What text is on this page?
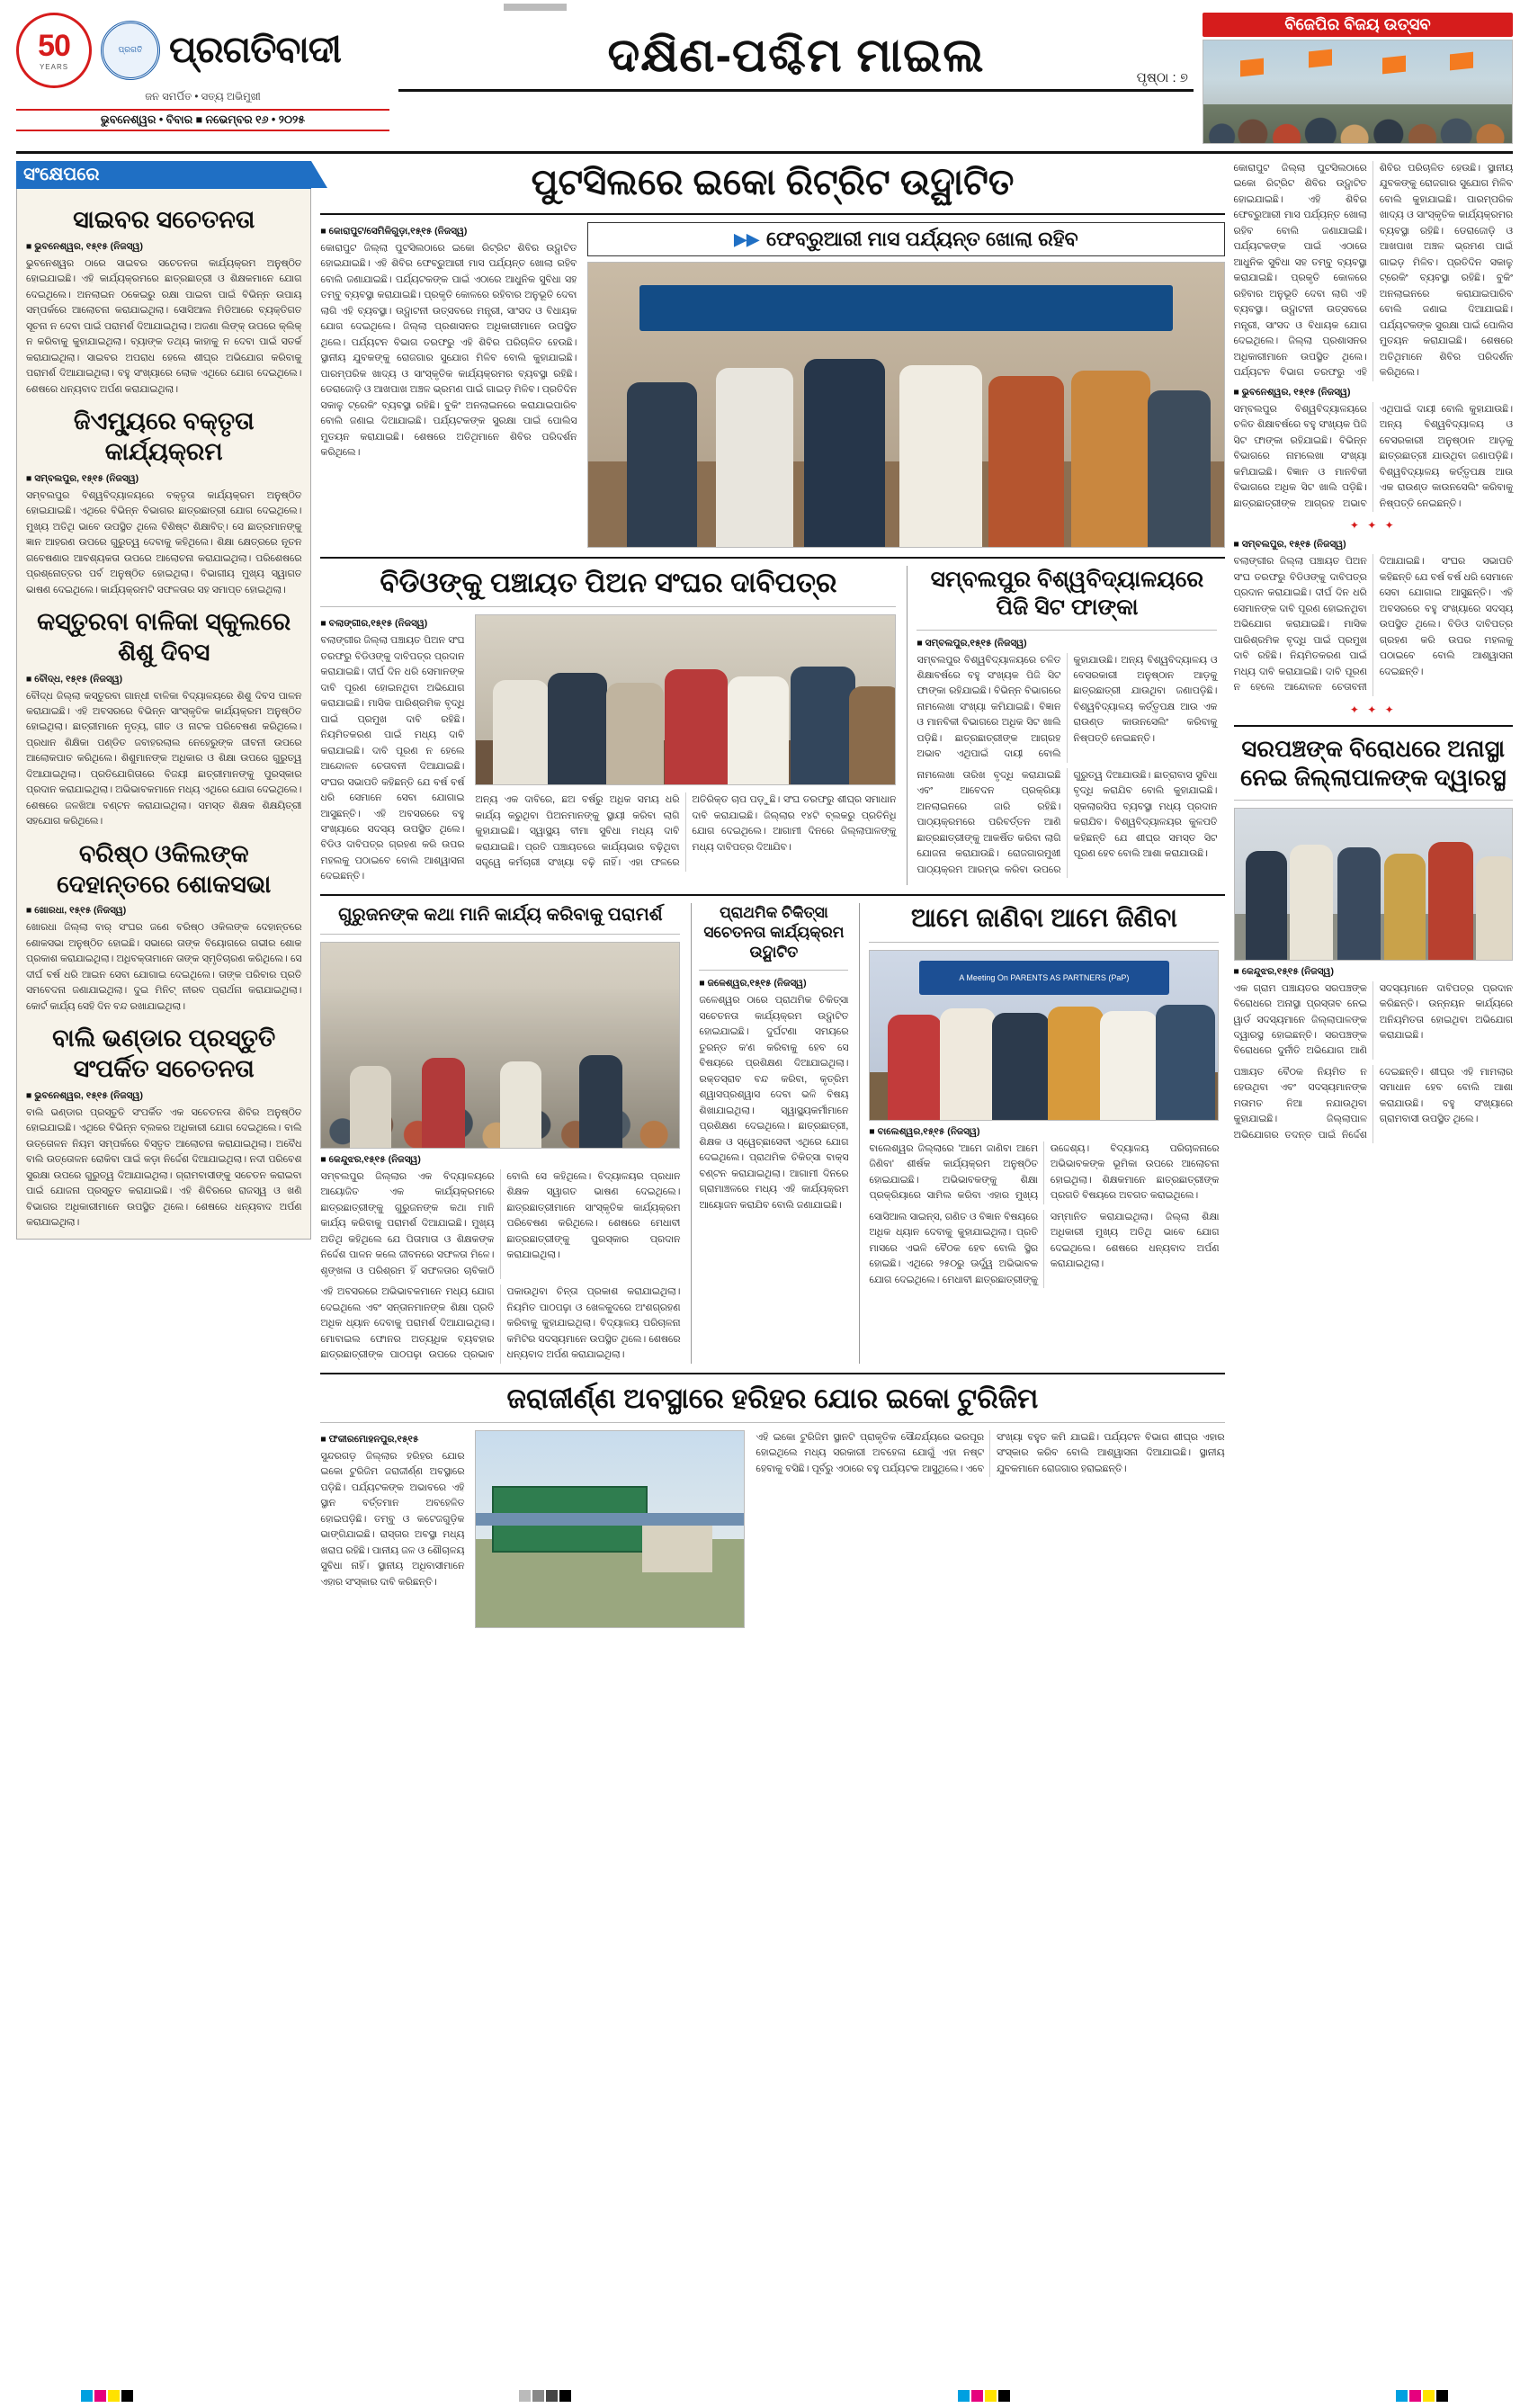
50
YEARS
ପ୍ରଗତି ପ୍ରଗତିବାଦୀ
ଜନ ସମର୍ପିତ • ସତ୍ୟ ଅଭିମୁଖୀ
ଭୁବନେଶ୍ୱର • ବିବାର ■ ନଭେମ୍ବର ୧୬ • ୨୦୨୫
ଦକ୍ଷିଣ-ପଶ୍ଚିମ ମାଇଲ	ପୃଷ୍ଠା : ୭
ବିଜେପିର ବିଜୟ ଉତ୍ସବ
ସଂକ୍ଷେପରେ
ସାଇବର ସଚେତନତା
■ ଭୁବନେଶ୍ୱର, ୧୫୍୧୫ (ନିଜସ୍ୱ)
ଭୁବନେଶ୍ୱର ଠାରେ ସାଇବର ସଚେତନତା କାର୍ଯ୍ୟକ୍ରମ ଅନୁଷ୍ଠିତ ହୋଇଯାଇଛି। ଏହି କାର୍ଯ୍ୟକ୍ରମରେ ଛାତ୍ରଛାତ୍ରୀ ଓ ଶିକ୍ଷକମାନେ ଯୋଗ ଦେଇଥିଲେ। ଅନଲାଇନ ଠକେଇରୁ ରକ୍ଷା ପାଇବା ପାଇଁ ବିଭିନ୍ନ ଉପାୟ ସମ୍ପର୍କରେ ଆଲୋଚନା କରାଯାଇଥିଲା। ସୋସିଆଲ ମିଡିଆରେ ବ୍ୟକ୍ତିଗତ ସୂଚନା ନ ଦେବା ପାଇଁ ପରାମର୍ଶ ଦିଆଯାଇଥିଲା। ଅଜଣା ଲିଙ୍କ୍ ଉପରେ କ୍ଲିକ୍ ନ କରିବାକୁ କୁହାଯାଇଥିଲା। ବ୍ୟାଙ୍କ ତଥ୍ୟ କାହାକୁ ନ ଦେବା ପାଇଁ ସତର୍କ କରାଯାଇଥିଲା। ସାଇବର ଅପରାଧ ହେଲେ ଶୀଘ୍ର ଅଭିଯୋଗ କରିବାକୁ ପରାମର୍ଶ ଦିଆଯାଇଥିଲା। ବହୁ ସଂଖ୍ୟାରେ ଲୋକ ଏଥିରେ ଯୋଗ ଦେଇଥିଲେ। ଶେଷରେ ଧନ୍ୟବାଦ ଅର୍ପଣ କରାଯାଇଥିଲା।
ଜିଏମ୍ୟୁରେ ବକ୍ତୃତା କାର୍ଯ୍ୟକ୍ରମ
■ ସମ୍ବଲପୁର, ୧୫୍୧୫ (ନିଜସ୍ୱ)
ସମ୍ବଲପୁର ବିଶ୍ୱବିଦ୍ୟାଳୟରେ ବକ୍ତୃତା କାର୍ଯ୍ୟକ୍ରମ ଅନୁଷ୍ଠିତ ହୋଇଯାଇଛି। ଏଥିରେ ବିଭିନ୍ନ ବିଭାଗର ଛାତ୍ରଛାତ୍ରୀ ଯୋଗ ଦେଇଥିଲେ। ମୁଖ୍ୟ ଅତିଥି ଭାବେ ଉପସ୍ଥିତ ଥିଲେ ବିଶିଷ୍ଟ ଶିକ୍ଷାବିତ୍। ସେ ଛାତ୍ରମାନଙ୍କୁ ଜ୍ଞାନ ଆହରଣ ଉପରେ ଗୁରୁତ୍ୱ ଦେବାକୁ କହିଥିଲେ। ଶିକ୍ଷା କ୍ଷେତ୍ରରେ ନୂତନ ଗବେଷଣାର ଆବଶ୍ୟକତା ଉପରେ ଆଲୋଚନା କରାଯାଇଥିଲା। ପରିଶେଷରେ ପ୍ରଶ୍ନୋତ୍ତର ପର୍ବ ଅନୁଷ୍ଠିତ ହୋଇଥିଲା। ବିଭାଗୀୟ ମୁଖ୍ୟ ସ୍ୱାଗତ ଭାଷଣ ଦେଇଥିଲେ। କାର୍ଯ୍ୟକ୍ରମଟି ସଫଳତାର ସହ ସମାପ୍ତ ହୋଇଥିଲା।
କସ୍ତୁରବା ବାଳିକା ସ୍କୁଲରେ ଶିଶୁ ଦିବସ
■ ବୌଦ୍ଧ, ୧୫୍୧୫ (ନିଜସ୍ୱ)
ବୌଦ୍ଧ ଜିଲ୍ଲା କସ୍ତୁରବା ଗାନ୍ଧୀ ବାଳିକା ବିଦ୍ୟାଳୟରେ ଶିଶୁ ଦିବସ ପାଳନ କରାଯାଇଛି। ଏହି ଅବସରରେ ବିଭିନ୍ନ ସାଂସ୍କୃତିକ କାର୍ଯ୍ୟକ୍ରମ ଅନୁଷ୍ଠିତ ହୋଇଥିଲା। ଛାତ୍ରୀମାନେ ନୃତ୍ୟ, ଗୀତ ଓ ନାଟକ ପରିବେଷଣ କରିଥିଲେ। ପ୍ରଧାନ ଶିକ୍ଷିକା ପଣ୍ଡିତ ଜବାହରଲାଲ ନେହେରୁଙ୍କ ଜୀବନୀ ଉପରେ ଆଲୋକପାତ କରିଥିଲେ। ଶିଶୁମାନଙ୍କ ଅଧିକାର ଓ ଶିକ୍ଷା ଉପରେ ଗୁରୁତ୍ୱ ଦିଆଯାଇଥିଲା। ପ୍ରତିଯୋଗିତାରେ ବିଜୟୀ ଛାତ୍ରୀମାନଙ୍କୁ ପୁରସ୍କାର ପ୍ରଦାନ କରାଯାଇଥିଲା। ଅଭିଭାବକମାନେ ମଧ୍ୟ ଏଥିରେ ଯୋଗ ଦେଇଥିଲେ। ଶେଷରେ ଜଳଖିଆ ବଣ୍ଟନ କରାଯାଇଥିଲା। ସମସ୍ତ ଶିକ୍ଷକ ଶିକ୍ଷୟିତ୍ରୀ ସହଯୋଗ କରିଥିଲେ।
ବରିଷ୍ଠ ଓକିଲଙ୍କ ଦେହାନ୍ତରେ ଶୋକସଭା
■ ଖୋରଧା, ୧୫୍୧୫ (ନିଜସ୍ୱ)
ଖୋରଧା ଜିଲ୍ଲା ବାର୍ ସଂଘର ଜଣେ ବରିଷ୍ଠ ଓକିଲଙ୍କ ଦେହାନ୍ତରେ ଶୋକସଭା ଅନୁଷ୍ଠିତ ହୋଇଛି। ସଭାରେ ତାଙ୍କ ବିୟୋଗରେ ଗଭୀର ଶୋକ ପ୍ରକାଶ କରାଯାଇଥିଲା। ଅଧିବକ୍ତାମାନେ ତାଙ୍କ ସ୍ମୃତିଚାରଣ କରିଥିଲେ। ସେ ଦୀର୍ଘ ବର୍ଷ ଧରି ଆଇନ ସେବା ଯୋଗାଇ ଦେଇଥିଲେ। ତାଙ୍କ ପରିବାର ପ୍ରତି ସମବେଦନା ଜଣାଯାଇଥିଲା। ଦୁଇ ମିନିଟ୍ ନୀରବ ପ୍ରାର୍ଥନା କରାଯାଇଥିଲା। କୋର୍ଟ କାର୍ଯ୍ୟ ସେହି ଦିନ ବନ୍ଦ ରଖାଯାଇଥିଲା।
ବାଲି ଭଣ୍ଡାର ପ୍ରସ୍ତୁତି ସଂପର୍କିତ ସଚେତନତା
■ ଭୁବନେଶ୍ୱର, ୧୫୍୧୫ (ନିଜସ୍ୱ)
ବାଲି ଭଣ୍ଡାର ପ୍ରସ୍ତୁତି ସଂପର୍କିତ ଏକ ସଚେତନତା ଶିବିର ଅନୁଷ୍ଠିତ ହୋଇଯାଇଛି। ଏଥିରେ ବିଭିନ୍ନ ବ୍ଲକର ଅଧିକାରୀ ଯୋଗ ଦେଇଥିଲେ। ବାଲି ଉତ୍ତୋଳନ ନିୟମ ସମ୍ପର୍କରେ ବିସ୍ତୃତ ଆଲୋଚନା କରାଯାଇଥିଲା। ଅବୈଧ ବାଲି ଉତ୍ତୋଳନ ରୋକିବା ପାଇଁ କଡ଼ା ନିର୍ଦ୍ଦେଶ ଦିଆଯାଇଥିଲା। ନଦୀ ପରିବେଶ ସୁରକ୍ଷା ଉପରେ ଗୁରୁତ୍ୱ ଦିଆଯାଇଥିଲା। ଗ୍ରାମବାସୀଙ୍କୁ ସଚେତନ କରାଇବା ପାଇଁ ଯୋଜନା ପ୍ରସ୍ତୁତ କରାଯାଇଛି। ଏହି ଶିବିରରେ ରାଜସ୍ୱ ଓ ଖଣି ବିଭାଗର ଅଧିକାରୀମାନେ ଉପସ୍ଥିତ ଥିଲେ। ଶେଷରେ ଧନ୍ୟବାଦ ଅର୍ପଣ କରାଯାଇଥିଲା।
ପୁଟସିଲରେ ଇକୋ ରିଟ୍ରିଟ ଉଦ୍ଘାଟିତ
■ କୋରାପୁଟ/ସେମିଳିଗୁଡ଼ା,୧୫୍୧୫ (ନିଜସ୍ୱ)
କୋରାପୁଟ ଜିଲ୍ଲା ପୁଟସିଲଠାରେ ଇକୋ ରିଟ୍ରିଟ ଶିବିର ଉଦ୍ଘାଟିତ ହୋଇଯାଇଛି। ଏହି ଶିବିର ଫେବ୍ରୁଆରୀ ମାସ ପର୍ଯ୍ୟନ୍ତ ଖୋଲା ରହିବ ବୋଲି ଜଣାଯାଇଛି। ପର୍ଯ୍ୟଟକଙ୍କ ପାଇଁ ଏଠାରେ ଆଧୁନିକ ସୁବିଧା ସହ ତମ୍ବୁ ବ୍ୟବସ୍ଥା କରାଯାଇଛି। ପ୍ରକୃତି କୋଳରେ ରହିବାର ଅନୁଭୂତି ଦେବା ଲାଗି ଏହି ବ୍ୟବସ୍ଥା। ଉଦ୍ଘାଟନୀ ଉତ୍ସବରେ ମନ୍ତ୍ରୀ, ସାଂସଦ ଓ ବିଧାୟକ ଯୋଗ ଦେଇଥିଲେ। ଜିଲ୍ଲା ପ୍ରଶାସନର ଅଧିକାରୀମାନେ ଉପସ୍ଥିତ ଥିଲେ। ପର୍ଯ୍ୟଟନ ବିଭାଗ ତରଫରୁ ଏହି ଶିବିର ପରିଚାଳିତ ହେଉଛି। ସ୍ଥାନୀୟ ଯୁବକଙ୍କୁ ରୋଜଗାର ସୁଯୋଗ ମିଳିବ ବୋଲି କୁହାଯାଇଛି। ପାରମ୍ପରିକ ଖାଦ୍ୟ ଓ ସାଂସ୍କୃତିକ କାର୍ଯ୍ୟକ୍ରମର ବ୍ୟବସ୍ଥା ରହିଛି। ଡେରାଜୋଡ଼ି ଓ ଆଖପାଖ ଅଞ୍ଚଳ ଭ୍ରମଣ ପାଇଁ ଗାଇଡ଼ ମିଳିବ। ପ୍ରତିଦିନ ସକାଳୁ ଟ୍ରେକିଂ ବ୍ୟବସ୍ଥା ରହିଛି। ବୁକିଂ ଅନଲାଇନରେ କରାଯାଇପାରିବ ବୋଲି ଜଣାଇ ଦିଆଯାଇଛି। ପର୍ଯ୍ୟଟକଙ୍କ ସୁରକ୍ଷା ପାଇଁ ପୋଲିସ ମୁତୟନ କରାଯାଇଛି। ଶେଷରେ ଅତିଥିମାନେ ଶିବିର ପରିଦର୍ଶନ କରିଥିଲେ।
▶▶ ଫେବ୍ରୁଆରୀ ମାସ ପର୍ଯ୍ୟନ୍ତ ଖୋଲା ରହିବ
ବିଡିଓଙ୍କୁ ପଞ୍ଚାୟତ ପିଅନ ସଂଘର ଦାବିପତ୍ର
■ ବଲାଙ୍ଗୀର,୧୫୍୧୫ (ନିଜସ୍ୱ)
ବଲାଙ୍ଗୀର ଜିଲ୍ଲା ପଞ୍ଚାୟତ ପିଅନ ସଂଘ ତରଫରୁ ବିଡିଓଙ୍କୁ ଦାବିପତ୍ର ପ୍ରଦାନ କରାଯାଇଛି। ଦୀର୍ଘ ଦିନ ଧରି ସେମାନଙ୍କ ଦାବି ପୂରଣ ହୋଇନଥିବା ଅଭିଯୋଗ କରାଯାଇଛି। ମାସିକ ପାରିଶ୍ରମିକ ବୃଦ୍ଧି ପାଇଁ ପ୍ରମୁଖ ଦାବି ରହିଛି। ନିୟମିତକରଣ ପାଇଁ ମଧ୍ୟ ଦାବି କରାଯାଇଛି। ଦାବି ପୂରଣ ନ ହେଲେ ଆନ୍ଦୋଳନ ଚେତାବନୀ ଦିଆଯାଇଛି। ସଂଘର ସଭାପତି କହିଛନ୍ତି ଯେ ବର୍ଷ ବର୍ଷ ଧରି ସେମାନେ ସେବା ଯୋଗାଇ ଆସୁଛନ୍ତି। ଏହି ଅବସରରେ ବହୁ ସଂଖ୍ୟାରେ ସଦସ୍ୟ ଉପସ୍ଥିତ ଥିଲେ। ବିଡିଓ ଦାବିପତ୍ର ଗ୍ରହଣ କରି ଉପର ମହଲକୁ ପଠାଇବେ ବୋଲି ଆଶ୍ୱାସନା ଦେଇଛନ୍ତି।
ଅନ୍ୟ ଏକ ଦାବିରେ, ଛଅ ବର୍ଷରୁ ଅଧିକ ସମୟ ଧରି କାର୍ଯ୍ୟ କରୁଥିବା ପିଅନମାନଙ୍କୁ ସ୍ଥାୟୀ କରିବା ଲାଗି କୁହାଯାଇଛି। ସ୍ୱାସ୍ଥ୍ୟ ବୀମା ସୁବିଧା ମଧ୍ୟ ଦାବି କରାଯାଇଛି। ପ୍ରତି ପଞ୍ଚାୟତରେ କାର୍ଯ୍ୟଭାର ବଢ଼ିଥିବା ସତ୍ତ୍ୱେ କର୍ମଚାରୀ ସଂଖ୍ୟା ବଢ଼ି ନାହିଁ। ଏହା ଫଳରେ ଅତିରିକ୍ତ ଚାପ ପଡ଼ୁଛି। ସଂଘ ତରଫରୁ ଶୀଘ୍ର ସମାଧାନ ଦାବି କରାଯାଇଛି। ଜିଲ୍ଲାର ୧୪ଟି ବ୍ଲକରୁ ପ୍ରତିନିଧି ଯୋଗ ଦେଇଥିଲେ। ଆଗାମୀ ଦିନରେ ଜିଲ୍ଲାପାଳଙ୍କୁ ମଧ୍ୟ ଦାବିପତ୍ର ଦିଆଯିବ।
ସମ୍ବଲପୁର ବିଶ୍ୱବିଦ୍ୟାଳୟରେ ପିଜି ସିଟ ଫାଙ୍କା
■ ସମ୍ବଲପୁର,୧୫୍୧୫ (ନିଜସ୍ୱ)
ସମ୍ବଲପୁର ବିଶ୍ୱବିଦ୍ୟାଳୟରେ ଚଳିତ ଶିକ୍ଷାବର୍ଷରେ ବହୁ ସଂଖ୍ୟକ ପିଜି ସିଟ ଫାଙ୍କା ରହିଯାଇଛି। ବିଭିନ୍ନ ବିଭାଗରେ ନାମଲେଖା ସଂଖ୍ୟା କମିଯାଇଛି। ବିଜ୍ଞାନ ଓ ମାନବିକୀ ବିଭାଗରେ ଅଧିକ ସିଟ ଖାଲି ପଡ଼ିଛି। ଛାତ୍ରଛାତ୍ରୀଙ୍କ ଆଗ୍ରହ ଅଭାବ ଏଥିପାଇଁ ଦାୟୀ ବୋଲି କୁହାଯାଉଛି। ଅନ୍ୟ ବିଶ୍ୱବିଦ୍ୟାଳୟ ଓ ବେସରକାରୀ ଅନୁଷ୍ଠାନ ଆଡ଼କୁ ଛାତ୍ରଛାତ୍ରୀ ଯାଉଥିବା ଜଣାପଡ଼ିଛି। ବିଶ୍ୱବିଦ୍ୟାଳୟ କର୍ତ୍ତୃପକ୍ଷ ଆଉ ଏକ ରାଉଣ୍ଡ କାଉନସେଲିଂ କରିବାକୁ ନିଷ୍ପତ୍ତି ନେଇଛନ୍ତି।
ନାମଲେଖା ତାରିଖ ବୃଦ୍ଧି କରାଯାଇଛି ଏବଂ ଆବେଦନ ପ୍ରକ୍ରିୟା ଅନଲାଇନରେ ଜାରି ରହିଛି। ପାଠ୍ୟକ୍ରମରେ ପରିବର୍ତ୍ତନ ଆଣି ଛାତ୍ରଛାତ୍ରୀଙ୍କୁ ଆକର୍ଷିତ କରିବା ଲାଗି ଯୋଜନା କରାଯାଉଛି। ରୋଜଗାରମୁଖୀ ପାଠ୍ୟକ୍ରମ ଆରମ୍ଭ କରିବା ଉପରେ ଗୁରୁତ୍ୱ ଦିଆଯାଉଛି। ଛାତ୍ରାବାସ ସୁବିଧା ବୃଦ୍ଧି କରାଯିବ ବୋଲି କୁହାଯାଇଛି। ସ୍କଲାରସିପ ବ୍ୟବସ୍ଥା ମଧ୍ୟ ପ୍ରଦାନ କରାଯିବ। ବିଶ୍ୱବିଦ୍ୟାଳୟର କୁଳପତି କହିଛନ୍ତି ଯେ ଶୀଘ୍ର ସମସ୍ତ ସିଟ ପୂରଣ ହେବ ବୋଲି ଆଶା କରାଯାଉଛି।
ଗୁରୁଜନଙ୍କ କଥା ମାନି କାର୍ଯ୍ୟ କରିବାକୁ ପରାମର୍ଶ
■ କେନ୍ଦୁଝର,୧୫୍୧୫ (ନିଜସ୍ୱ)
ସମ୍ବଲପୁର ଜିଲ୍ଲାର ଏକ ବିଦ୍ୟାଳୟରେ ଆୟୋଜିତ ଏକ କାର୍ଯ୍ୟକ୍ରମରେ ଛାତ୍ରଛାତ୍ରୀଙ୍କୁ ଗୁରୁଜନଙ୍କ କଥା ମାନି କାର୍ଯ୍ୟ କରିବାକୁ ପରାମର୍ଶ ଦିଆଯାଇଛି। ମୁଖ୍ୟ ଅତିଥି କହିଥିଲେ ଯେ ପିତାମାତା ଓ ଶିକ୍ଷକଙ୍କ ନିର୍ଦ୍ଦେଶ ପାଳନ କଲେ ଜୀବନରେ ସଫଳତା ମିଳେ। ଶୃଙ୍ଖଳା ଓ ପରିଶ୍ରମ ହିଁ ସଫଳତାର ଚାବିକାଠି ବୋଲି ସେ କହିଥିଲେ। ବିଦ୍ୟାଳୟର ପ୍ରଧାନ ଶିକ୍ଷକ ସ୍ୱାଗତ ଭାଷଣ ଦେଇଥିଲେ। ଛାତ୍ରଛାତ୍ରୀମାନେ ସାଂସ୍କୃତିକ କାର୍ଯ୍ୟକ୍ରମ ପରିବେଷଣ କରିଥିଲେ। ଶେଷରେ ମେଧାବୀ ଛାତ୍ରଛାତ୍ରୀଙ୍କୁ ପୁରସ୍କାର ପ୍ରଦାନ କରାଯାଇଥିଲା।
ଏହି ଅବସରରେ ଅଭିଭାବକମାନେ ମଧ୍ୟ ଯୋଗ ଦେଇଥିଲେ ଏବଂ ସନ୍ତାନମାନଙ୍କ ଶିକ୍ଷା ପ୍ରତି ଅଧିକ ଧ୍ୟାନ ଦେବାକୁ ପରାମର୍ଶ ଦିଆଯାଇଥିଲା। ମୋବାଇଲ ଫୋନର ଅତ୍ୟଧିକ ବ୍ୟବହାର ଛାତ୍ରଛାତ୍ରୀଙ୍କ ପାଠପଢ଼ା ଉପରେ ପ୍ରଭାବ ପକାଉଥିବା ଚିନ୍ତା ପ୍ରକାଶ କରାଯାଇଥିଲା। ନିୟମିତ ପାଠପଢ଼ା ଓ ଖେଳକୁଦରେ ଅଂଶଗ୍ରହଣ କରିବାକୁ କୁହାଯାଇଥିଲା। ବିଦ୍ୟାଳୟ ପରିଚାଳନା କମିଟିର ସଦସ୍ୟମାନେ ଉପସ୍ଥିତ ଥିଲେ। ଶେଷରେ ଧନ୍ୟବାଦ ଅର୍ପଣ କରାଯାଇଥିଲା।
ପ୍ରାଥମିକ ଚିକିତ୍ସା ସଚେତନତା କାର୍ଯ୍ୟକ୍ରମ ଉଦ୍ଘାଟିତ
■ ଜଳେଶ୍ୱର,୧୫୍୧୫ (ନିଜସ୍ୱ)
ଜଳେଶ୍ୱର ଠାରେ ପ୍ରାଥମିକ ଚିକିତ୍ସା ସଚେତନତା କାର୍ଯ୍ୟକ୍ରମ ଉଦ୍ଘାଟିତ ହୋଇଯାଇଛି। ଦୁର୍ଘଟଣା ସମୟରେ ତୁରନ୍ତ କ'ଣ କରିବାକୁ ହେବ ସେ ବିଷୟରେ ପ୍ରଶିକ୍ଷଣ ଦିଆଯାଇଥିଲା। ରକ୍ତସ୍ରାବ ବନ୍ଦ କରିବା, କୃତ୍ରିମ ଶ୍ୱାସପ୍ରଶ୍ୱାସ ଦେବା ଭଳି ବିଷୟ ଶିଖାଯାଇଥିଲା। ସ୍ୱାସ୍ଥ୍ୟକର୍ମୀମାନେ ପ୍ରଶିକ୍ଷଣ ଦେଇଥିଲେ। ଛାତ୍ରଛାତ୍ରୀ, ଶିକ୍ଷକ ଓ ସ୍ୱେଚ୍ଛାସେବୀ ଏଥିରେ ଯୋଗ ଦେଇଥିଲେ। ପ୍ରାଥମିକ ଚିକିତ୍ସା ବାକ୍ସ ବଣ୍ଟନ କରାଯାଇଥିଲା। ଆଗାମୀ ଦିନରେ ଗ୍ରାମାଞ୍ଚଳରେ ମଧ୍ୟ ଏହି କାର୍ଯ୍ୟକ୍ରମ ଆୟୋଜନ କରାଯିବ ବୋଲି ଜଣାଯାଇଛି।
ଆମେ ଜାଣିବା ଆମେ ଜିଣିବା
A Meeting On PARENTS AS PARTNERS (PaP)
■ ବାଲେଶ୍ୱର,୧୫୍୧୫ (ନିଜସ୍ୱ)
ବାଲେଶ୍ୱର ଜିଲ୍ଲାରେ 'ଆମେ ଜାଣିବା ଆମେ ଜିଣିବା' ଶୀର୍ଷକ କାର୍ଯ୍ୟକ୍ରମ ଅନୁଷ୍ଠିତ ହୋଇଯାଇଛି। ଅଭିଭାବକଙ୍କୁ ଶିକ୍ଷା ପ୍ରକ୍ରିୟାରେ ସାମିଲ କରିବା ଏହାର ମୁଖ୍ୟ ଉଦ୍ଦେଶ୍ୟ। ବିଦ୍ୟାଳୟ ପରିଚାଳନାରେ ଅଭିଭାବକଙ୍କ ଭୂମିକା ଉପରେ ଆଲୋଚନା ହୋଇଥିଲା। ଶିକ୍ଷକମାନେ ଛାତ୍ରଛାତ୍ରୀଙ୍କ ପ୍ରଗତି ବିଷୟରେ ଅବଗତ କରାଇଥିଲେ।
ସୋସିଆଲ ସାଇନ୍ସ, ଗଣିତ ଓ ବିଜ୍ଞାନ ବିଷୟରେ ଅଧିକ ଧ୍ୟାନ ଦେବାକୁ କୁହାଯାଇଥିଲା। ପ୍ରତି ମାସରେ ଏଭଳି ବୈଠକ ହେବ ବୋଲି ସ୍ଥିର ହୋଇଛି। ଏଥିରେ ୨୫୦ରୁ ଊର୍ଦ୍ଧ୍ୱ ଅଭିଭାବକ ଯୋଗ ଦେଇଥିଲେ। ମେଧାବୀ ଛାତ୍ରଛାତ୍ରୀଙ୍କୁ ସମ୍ମାନିତ କରାଯାଇଥିଲା। ଜିଲ୍ଲା ଶିକ୍ଷା ଅଧିକାରୀ ମୁଖ୍ୟ ଅତିଥି ଭାବେ ଯୋଗ ଦେଇଥିଲେ। ଶେଷରେ ଧନ୍ୟବାଦ ଅର୍ପଣ କରାଯାଇଥିଲା।
ଜରାଜୀର୍ଣ୍ଣ ଅବସ୍ଥାରେ ହରିହର ଯୋର ଇକୋ ଟୁରିଜିମ
■ ଫକୀରମୋହନପୁର,୧୫୍୧୫
ସୁନ୍ଦରଗଡ଼ ଜିଲ୍ଲାର ହରିହର ଯୋର ଇକୋ ଟୁରିଜିମ ଜରାଜୀର୍ଣ୍ଣ ଅବସ୍ଥାରେ ପଡ଼ିଛି। ପର୍ଯ୍ୟଟକଙ୍କ ଅଭାବରେ ଏହି ସ୍ଥାନ ବର୍ତ୍ତମାନ ଅବହେଳିତ ହୋଇପଡ଼ିଛି। ତମ୍ବୁ ଓ କଟେଜଗୁଡ଼ିକ ଭାଙ୍ଗିଯାଇଛି। ରାସ୍ତାର ଅବସ୍ଥା ମଧ୍ୟ ଖରାପ ରହିଛି। ପାନୀୟ ଜଳ ଓ ଶୌଚାଳୟ ସୁବିଧା ନାହିଁ। ସ୍ଥାନୀୟ ଅଧିବାସୀମାନେ ଏହାର ସଂସ୍କାର ଦାବି କରିଛନ୍ତି।
ଏହି ଇକୋ ଟୁରିଜିମ ସ୍ଥାନଟି ପ୍ରାକୃତିକ ସୌନ୍ଦର୍ଯ୍ୟରେ ଭରପୂର ହୋଇଥିଲେ ମଧ୍ୟ ସରକାରୀ ଅବହେଳା ଯୋଗୁଁ ଏହା ନଷ୍ଟ ହେବାକୁ ବସିଛି। ପୂର୍ବରୁ ଏଠାରେ ବହୁ ପର୍ଯ୍ୟଟକ ଆସୁଥିଲେ। ଏବେ ସଂଖ୍ୟା ବହୁତ କମି ଯାଇଛି। ପର୍ଯ୍ୟଟନ ବିଭାଗ ଶୀଘ୍ର ଏହାର ସଂସ୍କାର କରିବ ବୋଲି ଆଶ୍ୱାସନା ଦିଆଯାଇଛି। ସ୍ଥାନୀୟ ଯୁବକମାନେ ରୋଜଗାର ହରାଇଛନ୍ତି।
କୋରାପୁଟ ଜିଲ୍ଲା ପୁଟସିଲଠାରେ ଇକୋ ରିଟ୍ରିଟ ଶିବିର ଉଦ୍ଘାଟିତ ହୋଇଯାଇଛି। ଏହି ଶିବିର ଫେବ୍ରୁଆରୀ ମାସ ପର୍ଯ୍ୟନ୍ତ ଖୋଲା ରହିବ ବୋଲି ଜଣାଯାଇଛି। ପର୍ଯ୍ୟଟକଙ୍କ ପାଇଁ ଏଠାରେ ଆଧୁନିକ ସୁବିଧା ସହ ତମ୍ବୁ ବ୍ୟବସ୍ଥା କରାଯାଇଛି। ପ୍ରକୃତି କୋଳରେ ରହିବାର ଅନୁଭୂତି ଦେବା ଲାଗି ଏହି ବ୍ୟବସ୍ଥା। ଉଦ୍ଘାଟନୀ ଉତ୍ସବରେ ମନ୍ତ୍ରୀ, ସାଂସଦ ଓ ବିଧାୟକ ଯୋଗ ଦେଇଥିଲେ। ଜିଲ୍ଲା ପ୍ରଶାସନର ଅଧିକାରୀମାନେ ଉପସ୍ଥିତ ଥିଲେ। ପର୍ଯ୍ୟଟନ ବିଭାଗ ତରଫରୁ ଏହି ଶିବିର ପରିଚାଳିତ ହେଉଛି। ସ୍ଥାନୀୟ ଯୁବକଙ୍କୁ ରୋଜଗାର ସୁଯୋଗ ମିଳିବ ବୋଲି କୁହାଯାଇଛି। ପାରମ୍ପରିକ ଖାଦ୍ୟ ଓ ସାଂସ୍କୃତିକ କାର୍ଯ୍ୟକ୍ରମର ବ୍ୟବସ୍ଥା ରହିଛି। ଡେରାଜୋଡ଼ି ଓ ଆଖପାଖ ଅଞ୍ଚଳ ଭ୍ରମଣ ପାଇଁ ଗାଇଡ଼ ମିଳିବ। ପ୍ରତିଦିନ ସକାଳୁ ଟ୍ରେକିଂ ବ୍ୟବସ୍ଥା ରହିଛି। ବୁକିଂ ଅନଲାଇନରେ କରାଯାଇପାରିବ ବୋଲି ଜଣାଇ ଦିଆଯାଇଛି। ପର୍ଯ୍ୟଟକଙ୍କ ସୁରକ୍ଷା ପାଇଁ ପୋଲିସ ମୁତୟନ କରାଯାଇଛି। ଶେଷରେ ଅତିଥିମାନେ ଶିବିର ପରିଦର୍ଶନ କରିଥିଲେ।
■ ଭୁବନେଶ୍ୱର, ୧୫୍୧୫ (ନିଜସ୍ୱ)
ସମ୍ବଲପୁର ବିଶ୍ୱବିଦ୍ୟାଳୟରେ ଚଳିତ ଶିକ୍ଷାବର୍ଷରେ ବହୁ ସଂଖ୍ୟକ ପିଜି ସିଟ ଫାଙ୍କା ରହିଯାଇଛି। ବିଭିନ୍ନ ବିଭାଗରେ ନାମଲେଖା ସଂଖ୍ୟା କମିଯାଇଛି। ବିଜ୍ଞାନ ଓ ମାନବିକୀ ବିଭାଗରେ ଅଧିକ ସିଟ ଖାଲି ପଡ଼ିଛି। ଛାତ୍ରଛାତ୍ରୀଙ୍କ ଆଗ୍ରହ ଅଭାବ ଏଥିପାଇଁ ଦାୟୀ ବୋଲି କୁହାଯାଉଛି। ଅନ୍ୟ ବିଶ୍ୱବିଦ୍ୟାଳୟ ଓ ବେସରକାରୀ ଅନୁଷ୍ଠାନ ଆଡ଼କୁ ଛାତ୍ରଛାତ୍ରୀ ଯାଉଥିବା ଜଣାପଡ଼ିଛି। ବିଶ୍ୱବିଦ୍ୟାଳୟ କର୍ତ୍ତୃପକ୍ଷ ଆଉ ଏକ ରାଉଣ୍ଡ କାଉନସେଲିଂ କରିବାକୁ ନିଷ୍ପତ୍ତି ନେଇଛନ୍ତି।
✦ ✦ ✦
■ ସମ୍ବଲପୁର, ୧୫୍୧୫ (ନିଜସ୍ୱ)
ବଲାଙ୍ଗୀର ଜିଲ୍ଲା ପଞ୍ଚାୟତ ପିଅନ ସଂଘ ତରଫରୁ ବିଡିଓଙ୍କୁ ଦାବିପତ୍ର ପ୍ରଦାନ କରାଯାଇଛି। ଦୀର୍ଘ ଦିନ ଧରି ସେମାନଙ୍କ ଦାବି ପୂରଣ ହୋଇନଥିବା ଅଭିଯୋଗ କରାଯାଇଛି। ମାସିକ ପାରିଶ୍ରମିକ ବୃଦ୍ଧି ପାଇଁ ପ୍ରମୁଖ ଦାବି ରହିଛି। ନିୟମିତକରଣ ପାଇଁ ମଧ୍ୟ ଦାବି କରାଯାଇଛି। ଦାବି ପୂରଣ ନ ହେଲେ ଆନ୍ଦୋଳନ ଚେତାବନୀ ଦିଆଯାଇଛି। ସଂଘର ସଭାପତି କହିଛନ୍ତି ଯେ ବର୍ଷ ବର୍ଷ ଧରି ସେମାନେ ସେବା ଯୋଗାଇ ଆସୁଛନ୍ତି। ଏହି ଅବସରରେ ବହୁ ସଂଖ୍ୟାରେ ସଦସ୍ୟ ଉପସ୍ଥିତ ଥିଲେ। ବିଡିଓ ଦାବିପତ୍ର ଗ୍ରହଣ କରି ଉପର ମହଲକୁ ପଠାଇବେ ବୋଲି ଆଶ୍ୱାସନା ଦେଇଛନ୍ତି।
✦ ✦ ✦
ସରପଞ୍ଚଙ୍କ ବିରୋଧରେ ଅନାସ୍ଥା ନେଇ ଜିଲ୍ଲାପାଳଙ୍କ ଦ୍ୱାରସ୍ଥ
■ କେନ୍ଦୁଝର,୧୫୍୧୫ (ନିଜସ୍ୱ)
ଏକ ଗ୍ରାମ ପଞ୍ଚାୟତର ସରପଞ୍ଚଙ୍କ ବିରୋଧରେ ଅନାସ୍ଥା ପ୍ରସ୍ତାବ ନେଇ ୱାର୍ଡ ସଦସ୍ୟମାନେ ଜିଲ୍ଲାପାଳଙ୍କ ଦ୍ୱାରସ୍ଥ ହୋଇଛନ୍ତି। ସରପଞ୍ଚଙ୍କ ବିରୋଧରେ ଦୁର୍ନୀତି ଅଭିଯୋଗ ଆଣି ସଦସ୍ୟମାନେ ଦାବିପତ୍ର ପ୍ରଦାନ କରିଛନ୍ତି। ଉନ୍ନୟନ କାର୍ଯ୍ୟରେ ଅନିୟମିତତା ହୋଇଥିବା ଅଭିଯୋଗ କରାଯାଇଛି।
ପଞ୍ଚାୟତ ବୈଠକ ନିୟମିତ ନ ହେଉଥିବା ଏବଂ ସଦସ୍ୟମାନଙ୍କ ମତାମତ ନିଆ ନଯାଉଥିବା କୁହାଯାଇଛି। ଜିଲ୍ଲାପାଳ ଅଭିଯୋଗର ତଦନ୍ତ ପାଇଁ ନିର୍ଦ୍ଦେଶ ଦେଇଛନ୍ତି। ଶୀଘ୍ର ଏହି ମାମଲାର ସମାଧାନ ହେବ ବୋଲି ଆଶା କରାଯାଉଛି। ବହୁ ସଂଖ୍ୟାରେ ଗ୍ରାମବାସୀ ଉପସ୍ଥିତ ଥିଲେ।
